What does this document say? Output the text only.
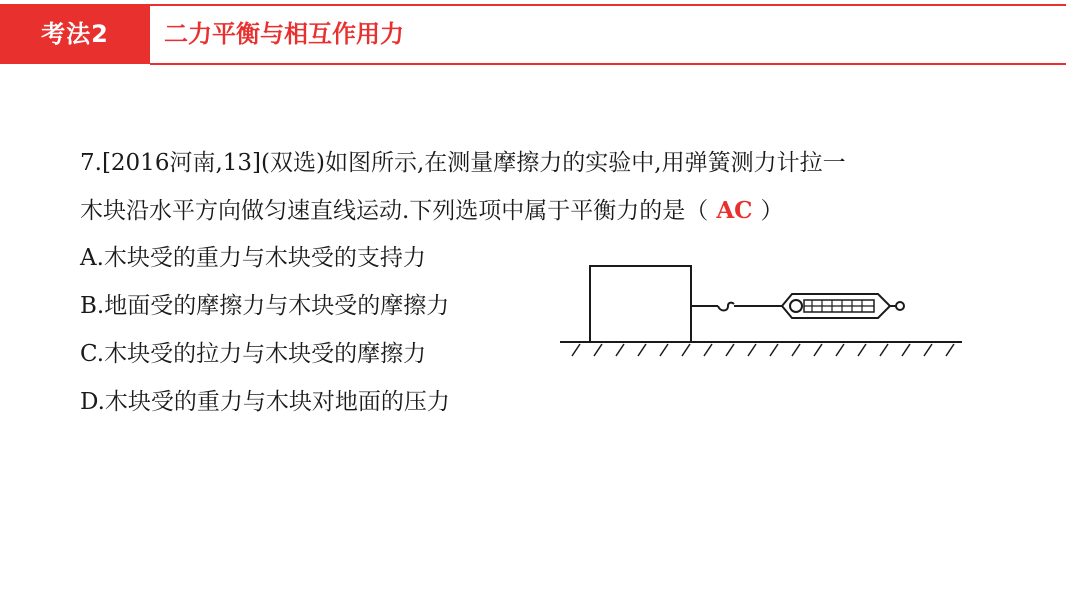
考法2	二力平衡与相互作用力
7.[2016河南,13](双选)如图所示,在测量摩擦力的实验中,用弹簧测力计拉一
木块沿水平方向做匀速直线运动.下列选项中属于平衡力的是（ AC ）
A.木块受的重力与木块受的支持力
B.地面受的摩擦力与木块受的摩擦力
C.木块受的拉力与木块受的摩擦力
D.木块受的重力与木块对地面的压力
